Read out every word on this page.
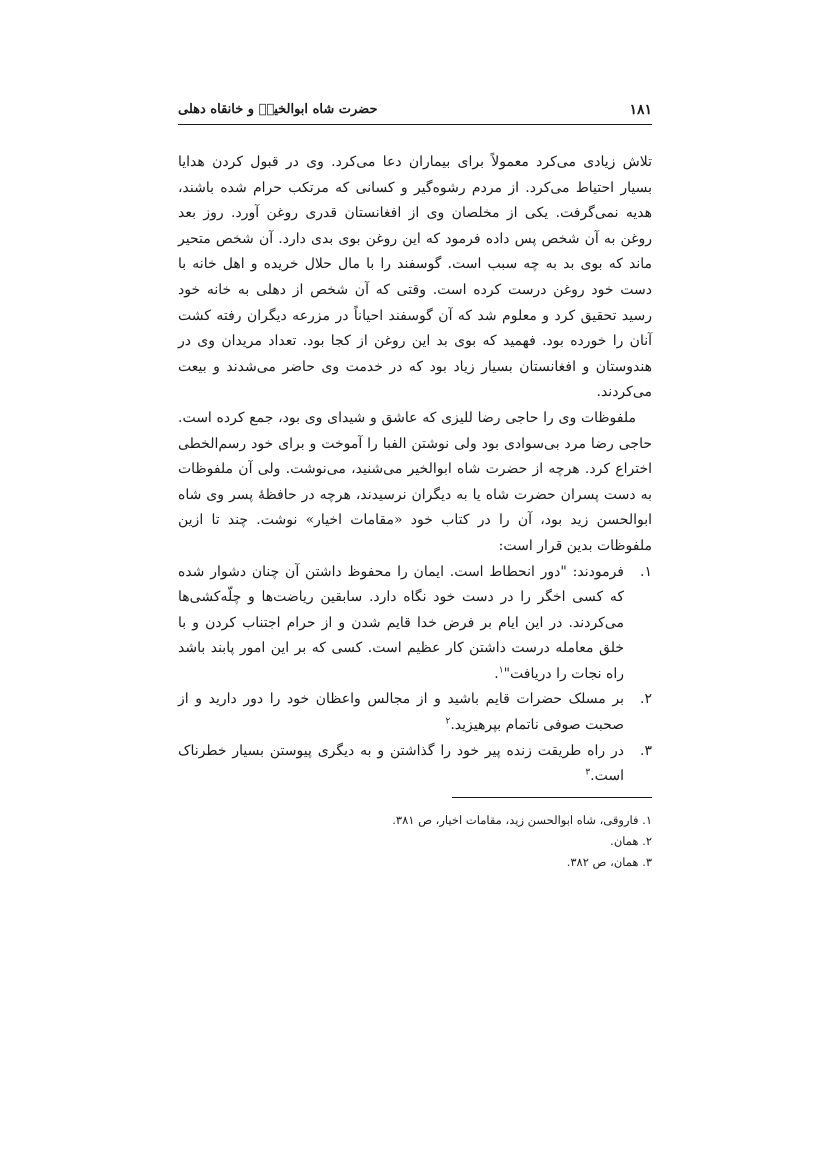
۱۸۱
حضرت شاه ابوالخیرؒ و خانقاه دهلی

تلاش زیادی می‌کرد معمولاً برای بیماران دعا می‌کرد. وی در قبول کردن هدایا بسیار احتیاط می‌کرد. از مردم رشوه‌گیر و کسانی که مرتکب حرام شده باشند، هدیه نمی‌گرفت. یکی از مخلصان وی از افغانستان قدری روغن آورد. روز بعد روغن به آن شخص پس داده فرمود که این روغن بوی بدی دارد. آن شخص متحیر ماند که بوی بد به چه سبب است. گوسفند را با مال حلال خریده و اهل خانه با دست خود روغن درست کرده است. وقتی که آن شخص از دهلی به خانه خود رسید تحقیق کرد و معلوم شد که آن گوسفند احیاناً در مزرعه دیگران رفته کشت آنان را خورده بود. فهمید که بوی بد این روغن از کجا بود. تعداد مریدان وی در هندوستان و افغانستان بسیار زیاد بود که در خدمت وی حاضر می‌شدند و بیعت می‌کردند.

ملفوظات وی را حاجی رضا للیزی که عاشق و شیدای وی بود، جمع کرده است. حاجی رضا مرد بی‌سوادی بود ولی نوشتن الفبا را آموخت و برای خود رسم‌الخطی اختراع کرد. هرچه از حضرت شاه ابوالخیر می‌شنید، می‌نوشت. ولی آن ملفوظات به دست پسران حضرت شاه یا به دیگران نرسیدند، هرچه در حافظهٔ پسر وی شاه ابوالحسن زید بود، آن را در کتاب خود «مقامات اخیار» نوشت. چند تا ازین ملفوظات بدین قرار است:

۱.
فرمودند: "دور انحطاط است. ایمان را محفوظ داشتن آن چنان دشوار شده که کسی اخگر را در دست خود نگاه دارد. سابقین ریاضت‌ها و چلّه‌کشی‌ها می‌کردند. در این ایام بر فرض خدا قایم شدن و از حرام اجتناب کردن و با خلق معامله درست داشتن کار عظیم است. کسی که بر این امور پابند باشد راه نجات را دریافت"$^۱$.
۲.
بر مسلک حضرات قایم باشید و از مجالس واعظان خود را دور دارید و از صحبت صوفی ناتمام بپرهیزید.$^۲$
۳.
در راه طریقت زنده پیر خود را گذاشتن و به دیگری پیوستن بسیار خطرناک است.$^۳$
۱. فاروقی، شاه ابوالحسن زید، مقامات اخیار، ص ۳۸۱.
۲. همان.
۳. همان، ص ۳۸۲.
